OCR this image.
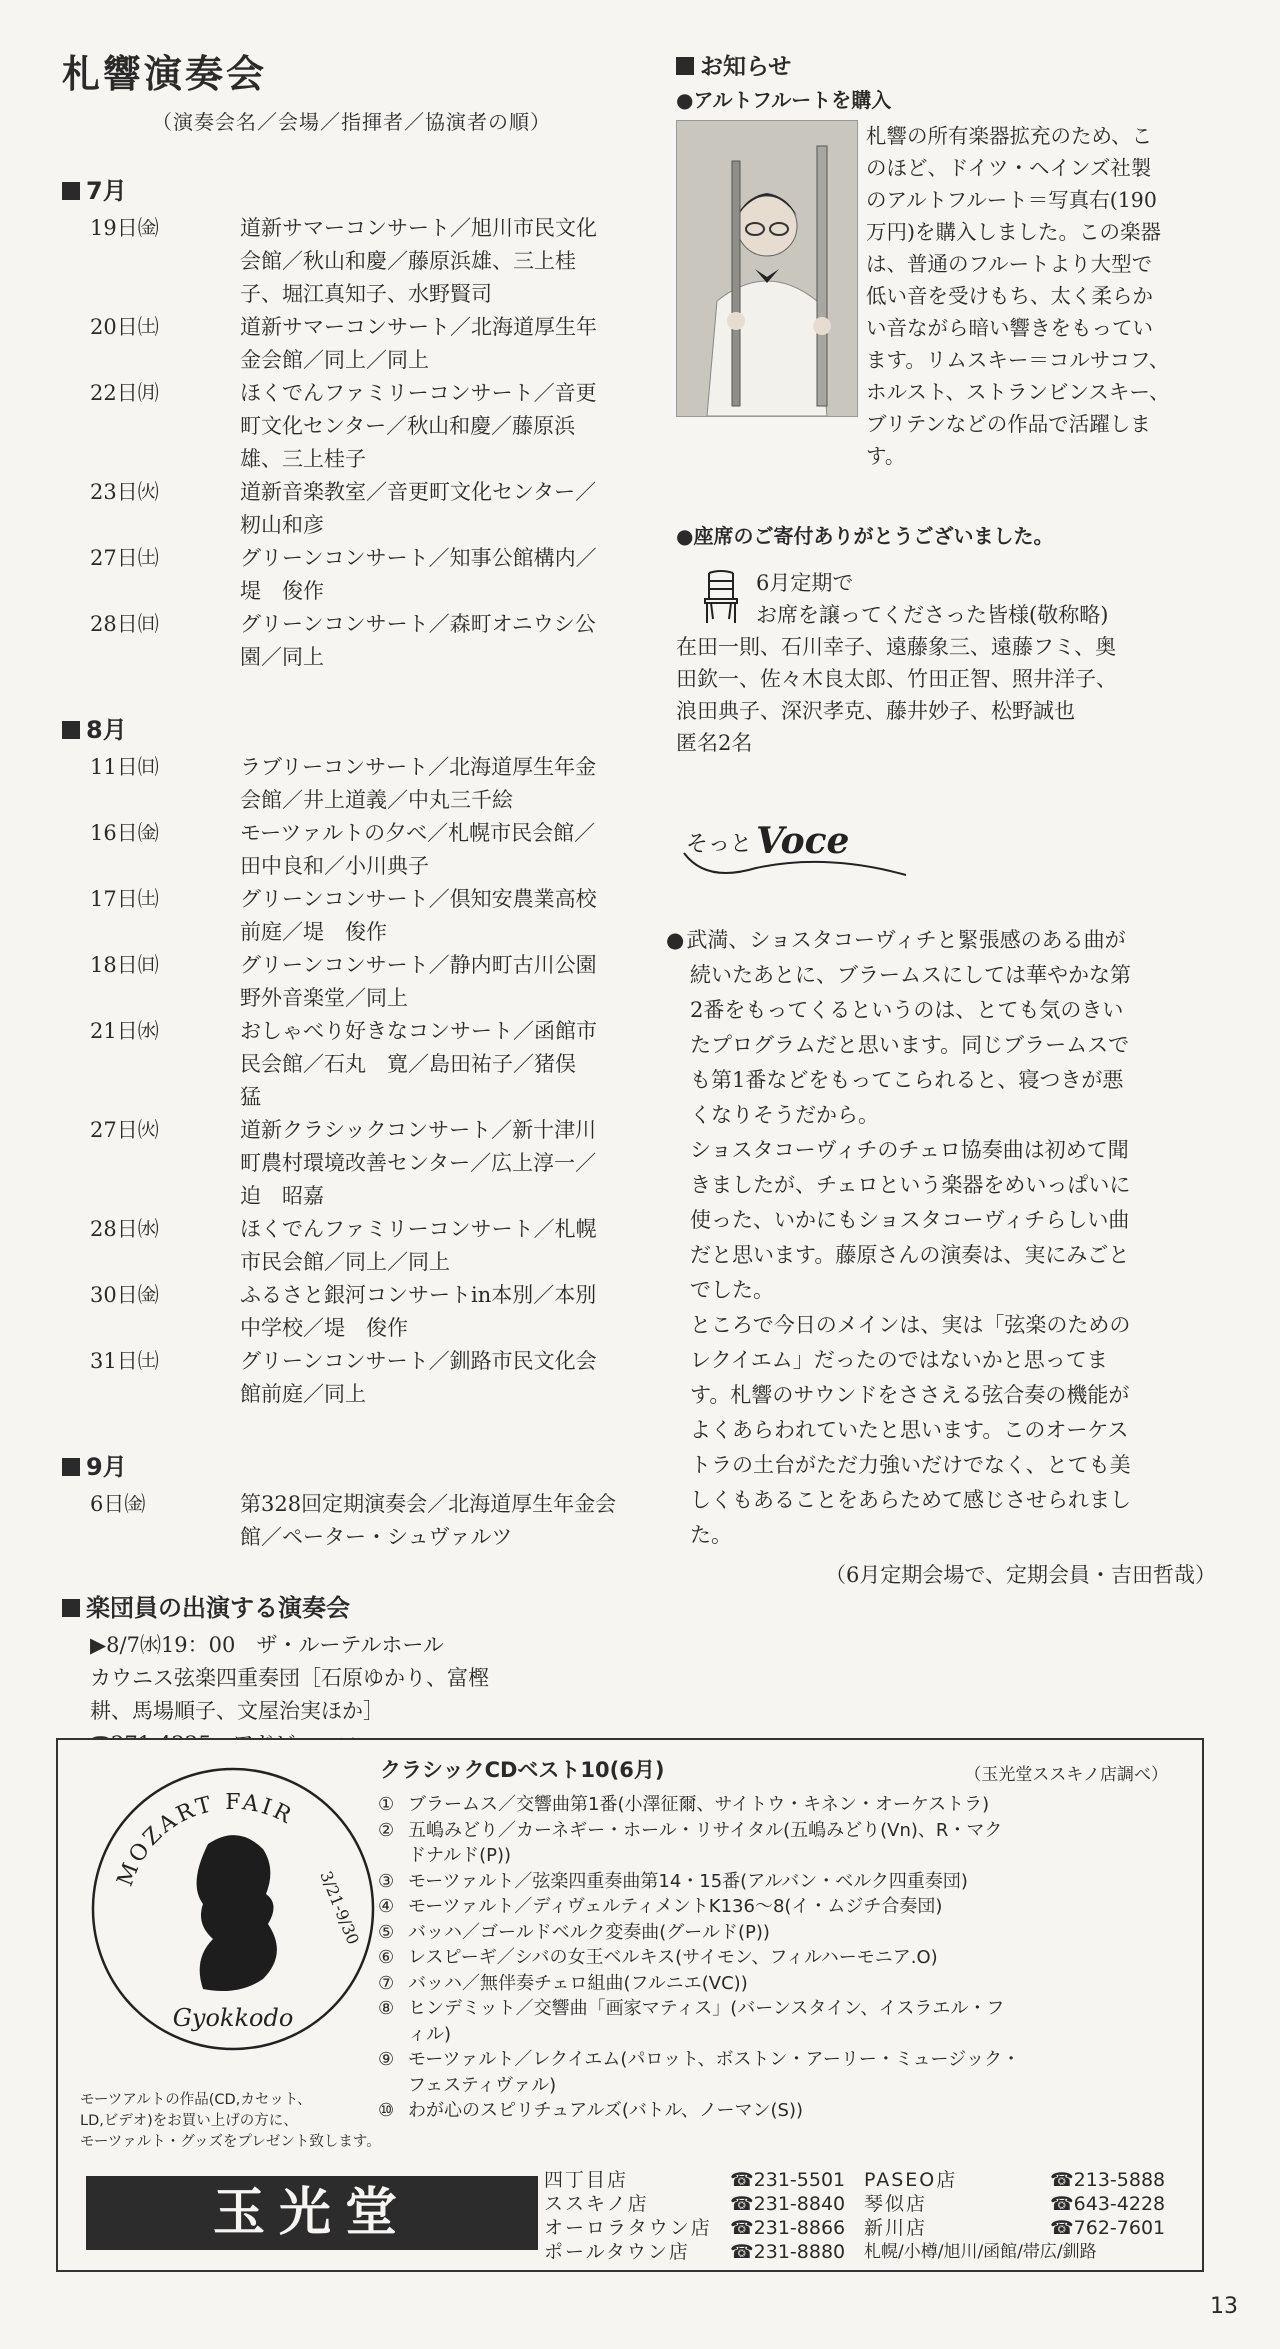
札響演奏会
（演奏会名／会場／指揮者／協演者の順）
7月
19日㈮	道新サマーコンサート／旭川市民文化
会館／秋山和慶／藤原浜雄、三上桂
子、堀江真知子、水野賢司
20日㈯	道新サマーコンサート／北海道厚生年
金会館／同上／同上
22日㈪	ほくでんファミリーコンサート／音更
町文化センター／秋山和慶／藤原浜
雄、三上桂子
23日㈫	道新音楽教室／音更町文化センター／
籾山和彦
27日㈯	グリーンコンサート／知事公館構内／
堤　俊作
28日㈰	グリーンコンサート／森町オニウシ公
園／同上
8月
11日㈰	ラブリーコンサート／北海道厚生年金
会館／井上道義／中丸三千絵
16日㈮	モーツァルトの夕べ／札幌市民会館／
田中良和／小川典子
17日㈯	グリーンコンサート／倶知安農業高校
前庭／堤　俊作
18日㈰	グリーンコンサート／静内町古川公園
野外音楽堂／同上
21日㈬	おしゃべり好きなコンサート／函館市
民会館／石丸　寛／島田祐子／猪俣
猛
27日㈫	道新クラシックコンサート／新十津川
町農村環境改善センター／広上淳一／
迫　昭嘉
28日㈬	ほくでんファミリーコンサート／札幌
市民会館／同上／同上
30日㈮	ふるさと銀河コンサートin本別／本別
中学校／堤　俊作
31日㈯	グリーンコンサート／釧路市民文化会
館前庭／同上
9月
6日㈮	第328回定期演奏会／北海道厚生年金会
館／ペーター・シュヴァルツ
楽団員の出演する演奏会
▶8/7㈬19：00　ザ・ルーテルホール
カウニス弦楽四重奏団［石原ゆかり、富樫
耕、馬場順子、文屋治実ほか］
お知らせ
●アルトフルートを購入
札響の所有楽器拡充のため、こ
のほど、ドイツ・ヘインズ社製
のアルトフルート＝写真右(190
万円)を購入しました。この楽器
は、普通のフルートより大型で
低い音を受けもち、太く柔らか
い音ながら暗い響きをもってい
ます。リムスキー＝コルサコフ、
ホルスト、ストランビンスキー、
ブリテンなどの作品で活躍しま
す。
●座席のご寄付ありがとうございました。
6月定期で
お席を譲ってくださった皆様(敬称略)
在田一則、石川幸子、遠藤象三、遠藤フミ、奥
田欽一、佐々木良太郎、竹田正智、照井洋子、
浪田典子、深沢孝克、藤井妙子、松野誠也
匿名2名
そっと Voce

● 武満、ショスタコーヴィチと緊張感のある曲が

続いたあとに、ブラームスにしては華やかな第

2番をもってくるというのは、とても気のきい

たプログラムだと思います。同じブラームスで

も第1番などをもってこられると、寝つきが悪

くなりそうだから。

ショスタコーヴィチのチェロ協奏曲は初めて聞

きましたが、チェロという楽器をめいっぱいに

使った、いかにもショスタコーヴィチらしい曲

だと思います。藤原さんの演奏は、実にみごと

でした。

ところで今日のメインは、実は「弦楽のための

レクイエム」だったのではないかと思ってま

す。札響のサウンドをささえる弦合奏の機能が

よくあらわれていたと思います。このオーケス

トラの土台がただ力強いだけでなく、とても美

しくもあることをあらためて感じさせられまし

た。

（6月定期会場で、定期会員・吉田哲哉）
MOZART FAIR
3/21-9/30
Gyokkodo
モーツアルトの作品(CD,カセット、
LD,ビデオ)をお買い上げの方に、
モーツァルト・グッズをプレゼント致します。
玉光堂
クラシックCDベスト10(6月)	（玉光堂ススキノ店調べ）
① ブラームス／交響曲第1番(小澤征爾、サイトウ・キネン・オーケストラ)
② 五嶋みどり／カーネギー・ホール・リサイタル(五嶋みどり(Vn)、R・マク
ドナルド(P))
③ モーツァルト／弦楽四重奏曲第14・15番(アルバン・ベルク四重奏団)
④ モーツァルト／ディヴェルティメントK136～8(イ・ムジチ合奏団)
⑤ バッハ／ゴールドベルク変奏曲(グールド(P))
⑥ レスピーギ／シバの女王ベルキス(サイモン、フィルハーモニア.O)
⑦ バッハ／無伴奏チェロ組曲(フルニエ(VC))
⑧ ヒンデミット／交響曲「画家マティス」(バーンスタイン、イスラエル・フ
ィル)
⑨ モーツァルト／レクイエム(パロット、ボストン・アーリー・ミュージック・
フェスティヴァル)
⑩ わが心のスピリチュアルズ(バトル、ノーマン(S))
四丁目店	☎231-5501 PASEO店	☎213-5888
ススキノ店	☎231-8840 琴似店	☎643-4228
オーロラタウン店 ☎231-8866 新川店	☎762-7601
ポールタウン店	☎231-8880	札幌/小樽/旭川/函館/帯広/釧路
13
